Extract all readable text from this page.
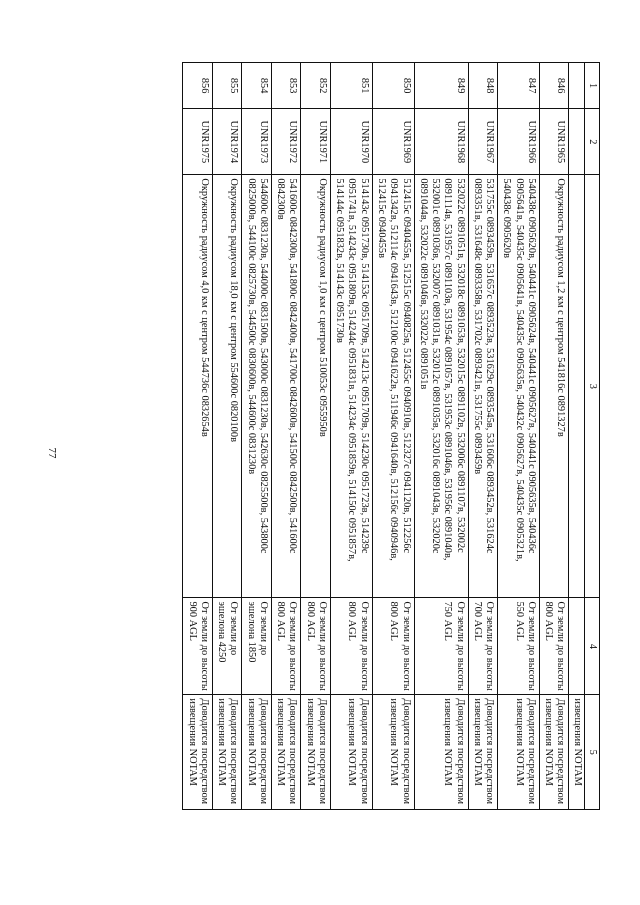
77
1	2	3	4	5
				извещения NOTAM
846	UNR1965	Окружность радиусом 1,2 км с центром 541816с 0891327в	От земли до высоты 800 AGL	Доводится посредством извещения NOTAM
847	UNR1966	540438с 0905620в, 540441с 0905624в, 540441с 0905627в, 540441с 0905635в, 540436с 0905641в, 540435с 0905641в, 540435с 0905635в, 540432с 0905627в, 540435с 0905321в, 540438с 0905620в	От земли до высоты 550 AGL	Доводится посредством извещения NOTAM
848	UNR1967	531755с 0893459в, 531657с 0893523в, 531629с 0893545в, 531606с 0893452в, 531624с 0893351в, 531648с 0893358в, 531702с 0893421в, 531755с 0893459в	От земли до высоты 700 AGL	Доводится посредством извещения NOTAM
849	UNR1968	532022с 0891051в, 532018с 0891053в, 532015с 0891102в, 532006с 0891107в, 532002с 0891114в, 531957с 0891103в, 531954с 0891057в, 531953с 0891046в, 531956с 0891040в, 532001с 0891036в, 532007с 0891031в, 532012с 0891035в, 532016с 0891043в, 532020с 0891044в, 532022с 0891046в, 532022с 0891051в	От земли до высоты 750 AGL	Доводится посредством извещения NOTAM
850	UNR1969	512415с 0940455в, 512515с 0940825в, 512455с 0940910в, 512327с 0941120в, 512256с 0941342в, 512114с 0941643в, 512100с 0941622в, 511946с 0941640в, 512156с 0940946в, 512415с 0940455в	От земли до высоты 800 AGL	Доводится посредством извещения NOTAM
851	UNR1970	514143с 0951730в, 514153с 0951709в, 514213с 0951709в, 514230с 0951723в, 514239с 0951741в, 514243с 0951809в, 514244с 0951831в, 514234с 0951859в, 514150с 0951857в, 514144с 0951832в, 514143с 0951730в	От земли до высоты 800 AGL	Доводится посредством извещения NOTAM
852	UNR1971	Окружность радиусом 1,0 км с центром 510053с 0955950в	От земли до высоты 800 AGL	Доводится посредством извещения NOTAM
853	UNR1972	541600с 0842300в, 541800с 0842400в, 541700с 0842600в, 541500с 0842500в, 541600с 0842300в	От земли до высоты 800 AGL	Доводится посредством извещения NOTAM
854	UNR1973	544600с 0831230в, 544000с 0831500в, 543000с 0831230в, 542630с 0825500в, 543800с 0825000в, 544100с 0825730в, 544500с 0830600в, 544600с 0831230в	От земли до эшелона 1850	Доводится посредством извещения NOTAM
855	UNR1974	Окружность радиусом 18,0 км с центром 554600с 0820100в	От земли до эшелона 4250	Доводится посредством извещения NOTAM
856	UNR1975	Окружность радиусом 4,0 км с центром 544736с 0832654в	От земли до высоты 900 AGL	Доводится посредством извещения NOTAM
